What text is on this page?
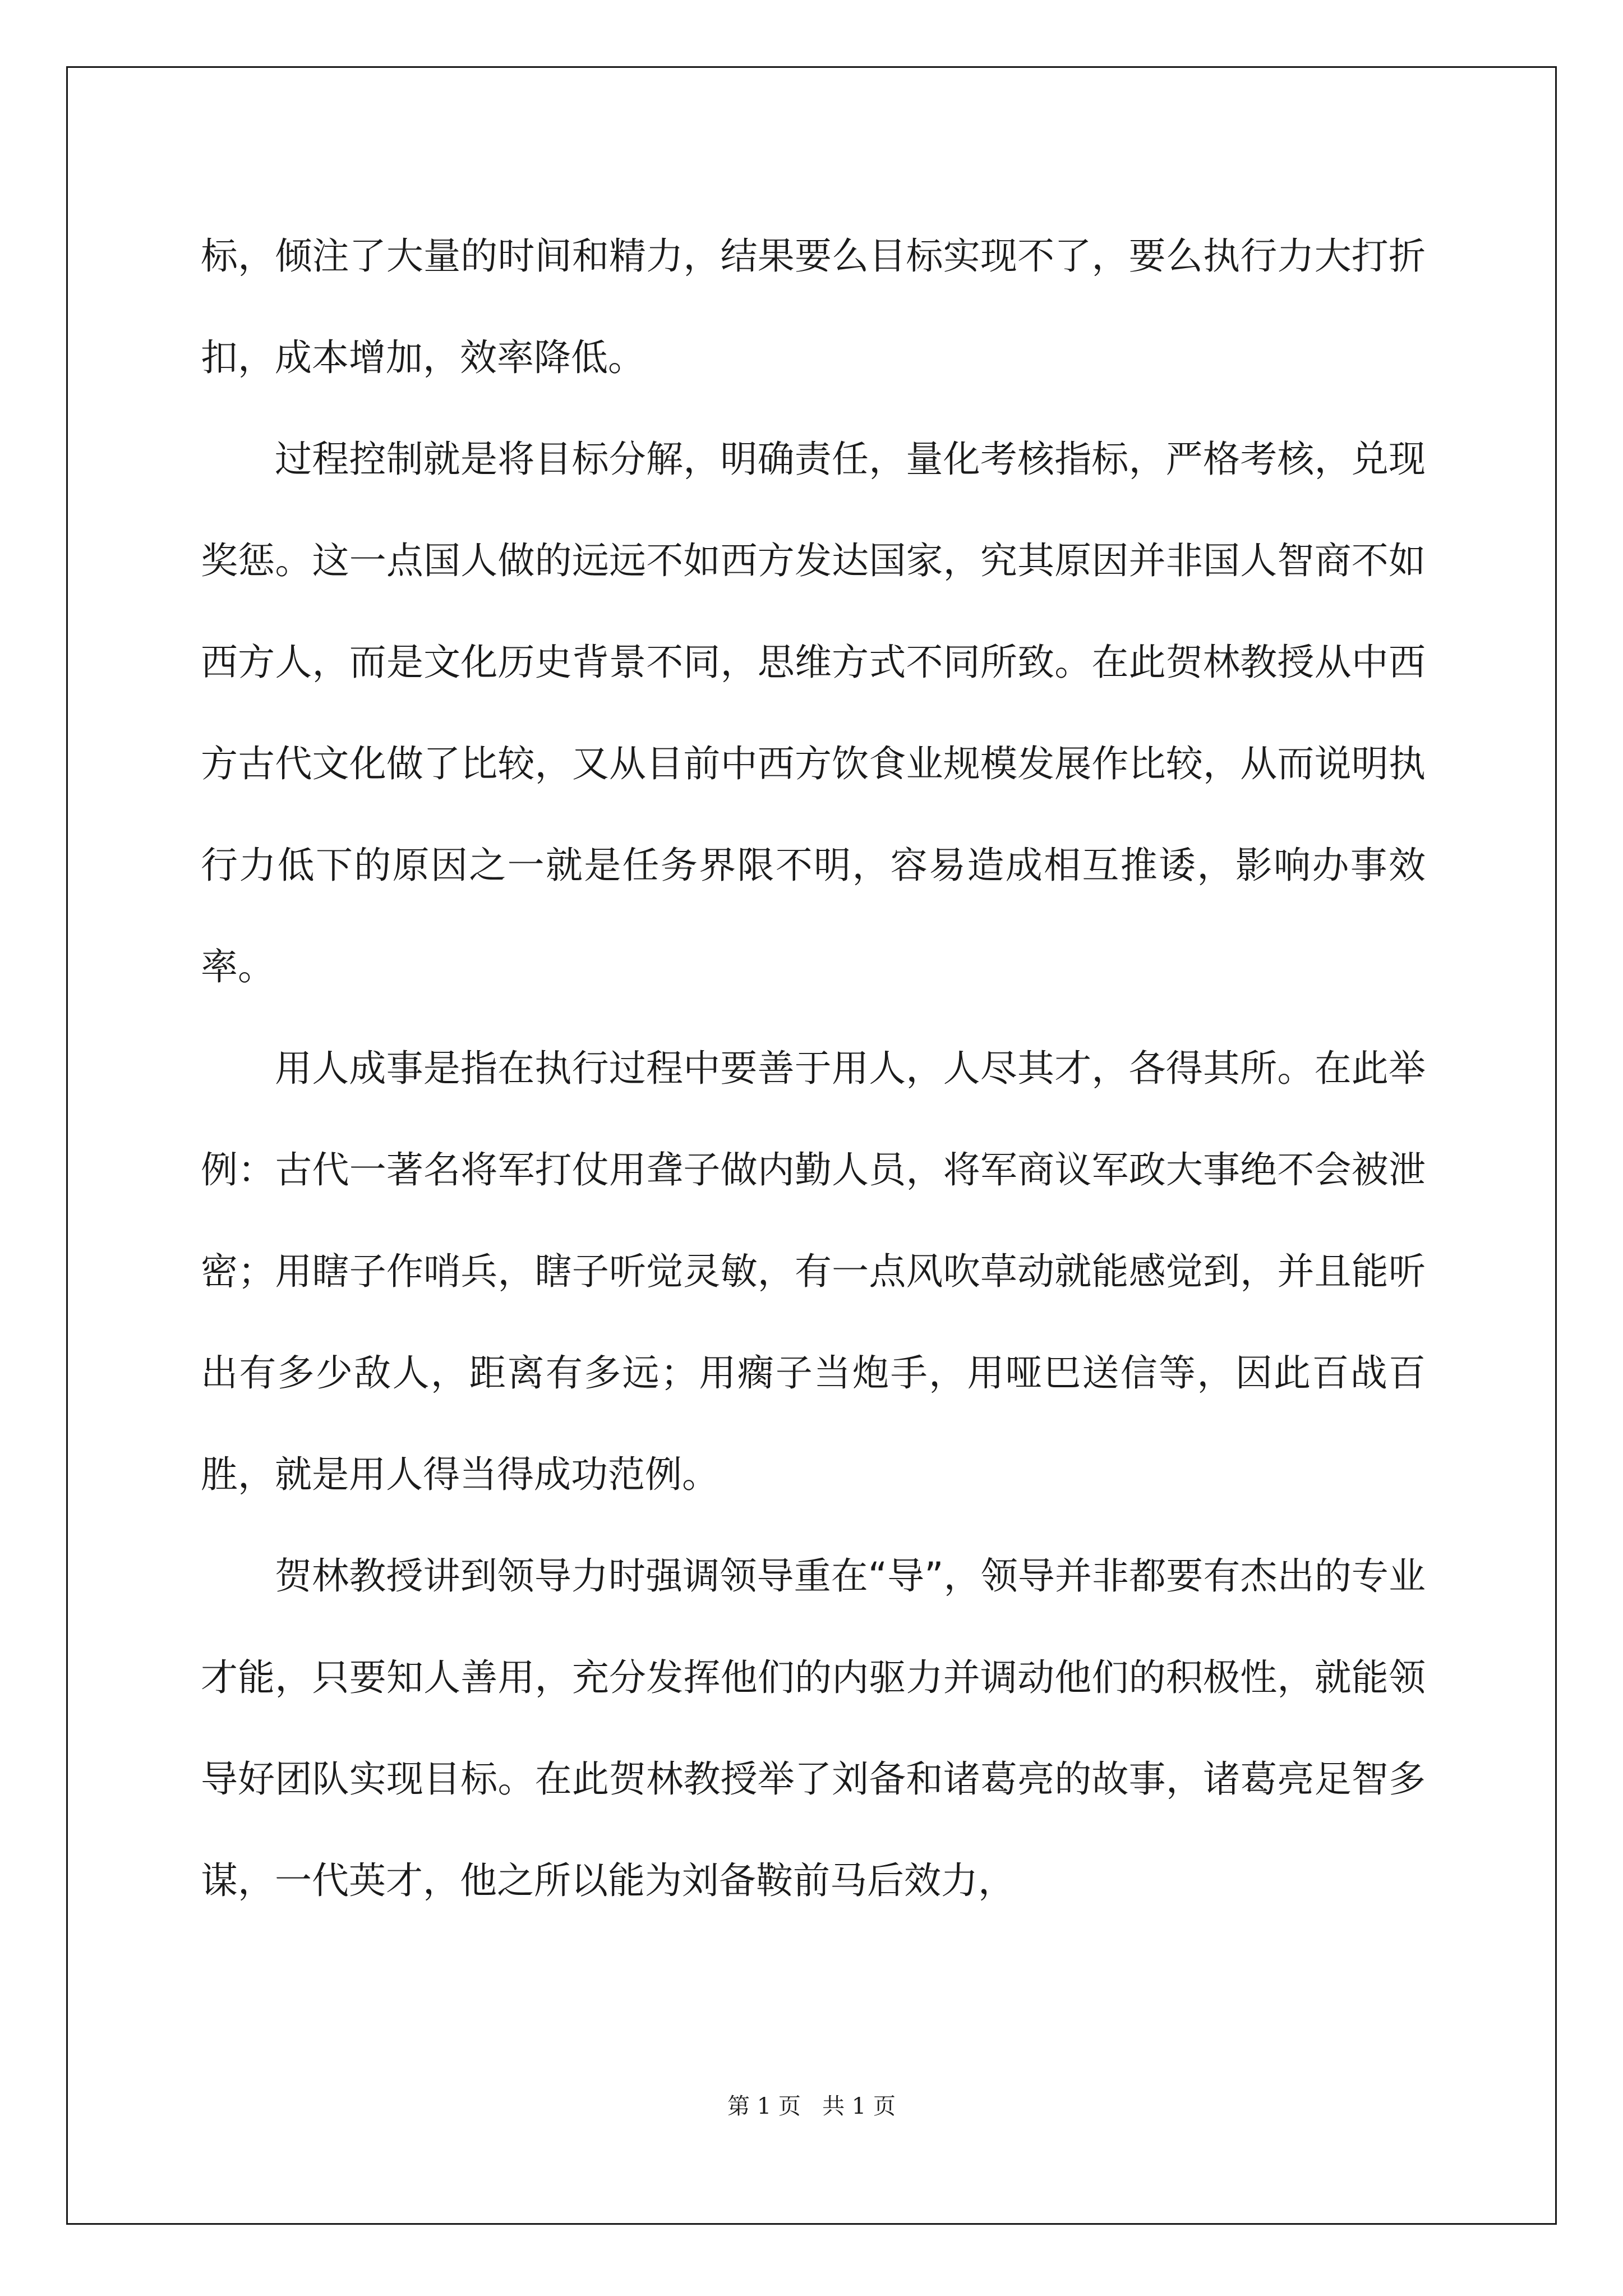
标，倾注了大量的时间和精力，结果要么目标实现不了，要么执行力大打折扣，成本增加，效率降低。

过程控制就是将目标分解，明确责任，量化考核指标，严格考核，兑现奖惩。这一点国人做的远远不如西方发达国家，究其原因并非国人智商不如西方人，而是文化历史背景不同，思维方式不同所致。在此贺林教授从中西方古代文化做了比较，又从目前中西方饮食业规模发展作比较，从而说明执行力低下的原因之一就是任务界限不明，容易造成相互推诿，影响办事效率。

用人成事是指在执行过程中要善于用人，人尽其才，各得其所。在此举例：古代一著名将军打仗用聋子做内勤人员，将军商议军政大事绝不会被泄密；用瞎子作哨兵，瞎子听觉灵敏，有一点风吹草动就能感觉到，并且能听出有多少敌人，距离有多远；用瘸子当炮手，用哑巴送信等，因此百战百胜，就是用人得当得成功范例。

贺林教授讲到领导力时强调领导重在“导”，领导并非都要有杰出的专业才能，只要知人善用，充分发挥他们的内驱力并调动他们的积极性，就能领导好团队实现目标。在此贺林教授举了刘备和诸葛亮的故事，诸葛亮足智多谋，一代英才，他之所以能为刘备鞍前马后效力，

第 1 页   共 1 页
